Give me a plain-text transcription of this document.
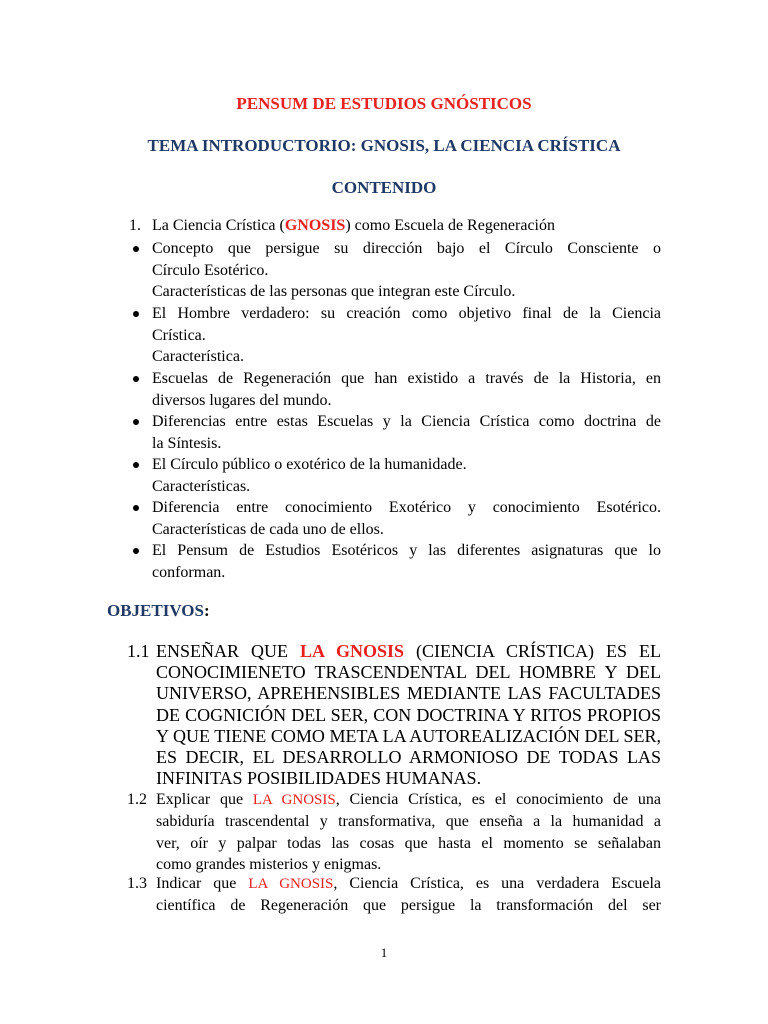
PENSUM DE ESTUDIOS GNÓSTICOS
TEMA INTRODUCTORIO: GNOSIS, LA CIENCIA CRÍSTICA
CONTENIDO
1. La Ciencia Crística (GNOSIS) como Escuela de Regeneración
Concepto que persigue su dirección bajo el Círculo Consciente o
Círculo Esotérico.
Características de las personas que integran este Círculo.
El Hombre verdadero: su creación como objetivo final de la Ciencia
Crística.
Característica.
Escuelas de Regeneración que han existido a través de la Historia, en
diversos lugares del mundo.
Diferencias entre estas Escuelas y la Ciencia Crística como doctrina de
la Síntesis.
El Círculo público o exotérico de la humanidade.
Características.
Diferencia entre conocimiento Exotérico y conocimiento Esotérico.
Características de cada uno de ellos.
El Pensum de Estudios Esotéricos y las diferentes asignaturas que lo
conforman.
OBJETIVOS:
1.1 ENSEÑAR QUE LA GNOSIS (CIENCIA CRÍSTICA) ES EL
CONOCIMIENETO TRASCENDENTAL DEL HOMBRE Y DEL
UNIVERSO, APREHENSIBLES MEDIANTE LAS FACULTADES
DE COGNICIÓN DEL SER, CON DOCTRINA Y RITOS PROPIOS
Y QUE TIENE COMO META LA AUTOREALIZACIÓN DEL SER,
ES DECIR, EL DESARROLLO ARMONIOSO DE TODAS LAS
INFINITAS POSIBILIDADES HUMANAS.
1.2 Explicar que LA GNOSIS, Ciencia Crística, es el conocimiento de una
sabiduría trascendental y transformativa, que enseña a la humanidad a
ver, oír y palpar todas las cosas que hasta el momento se señalaban
como grandes misterios y enigmas.
1.3 Indicar que LA GNOSIS, Ciencia Crística, es una verdadera Escuela
científica de Regeneración que persigue la transformación del ser
1
